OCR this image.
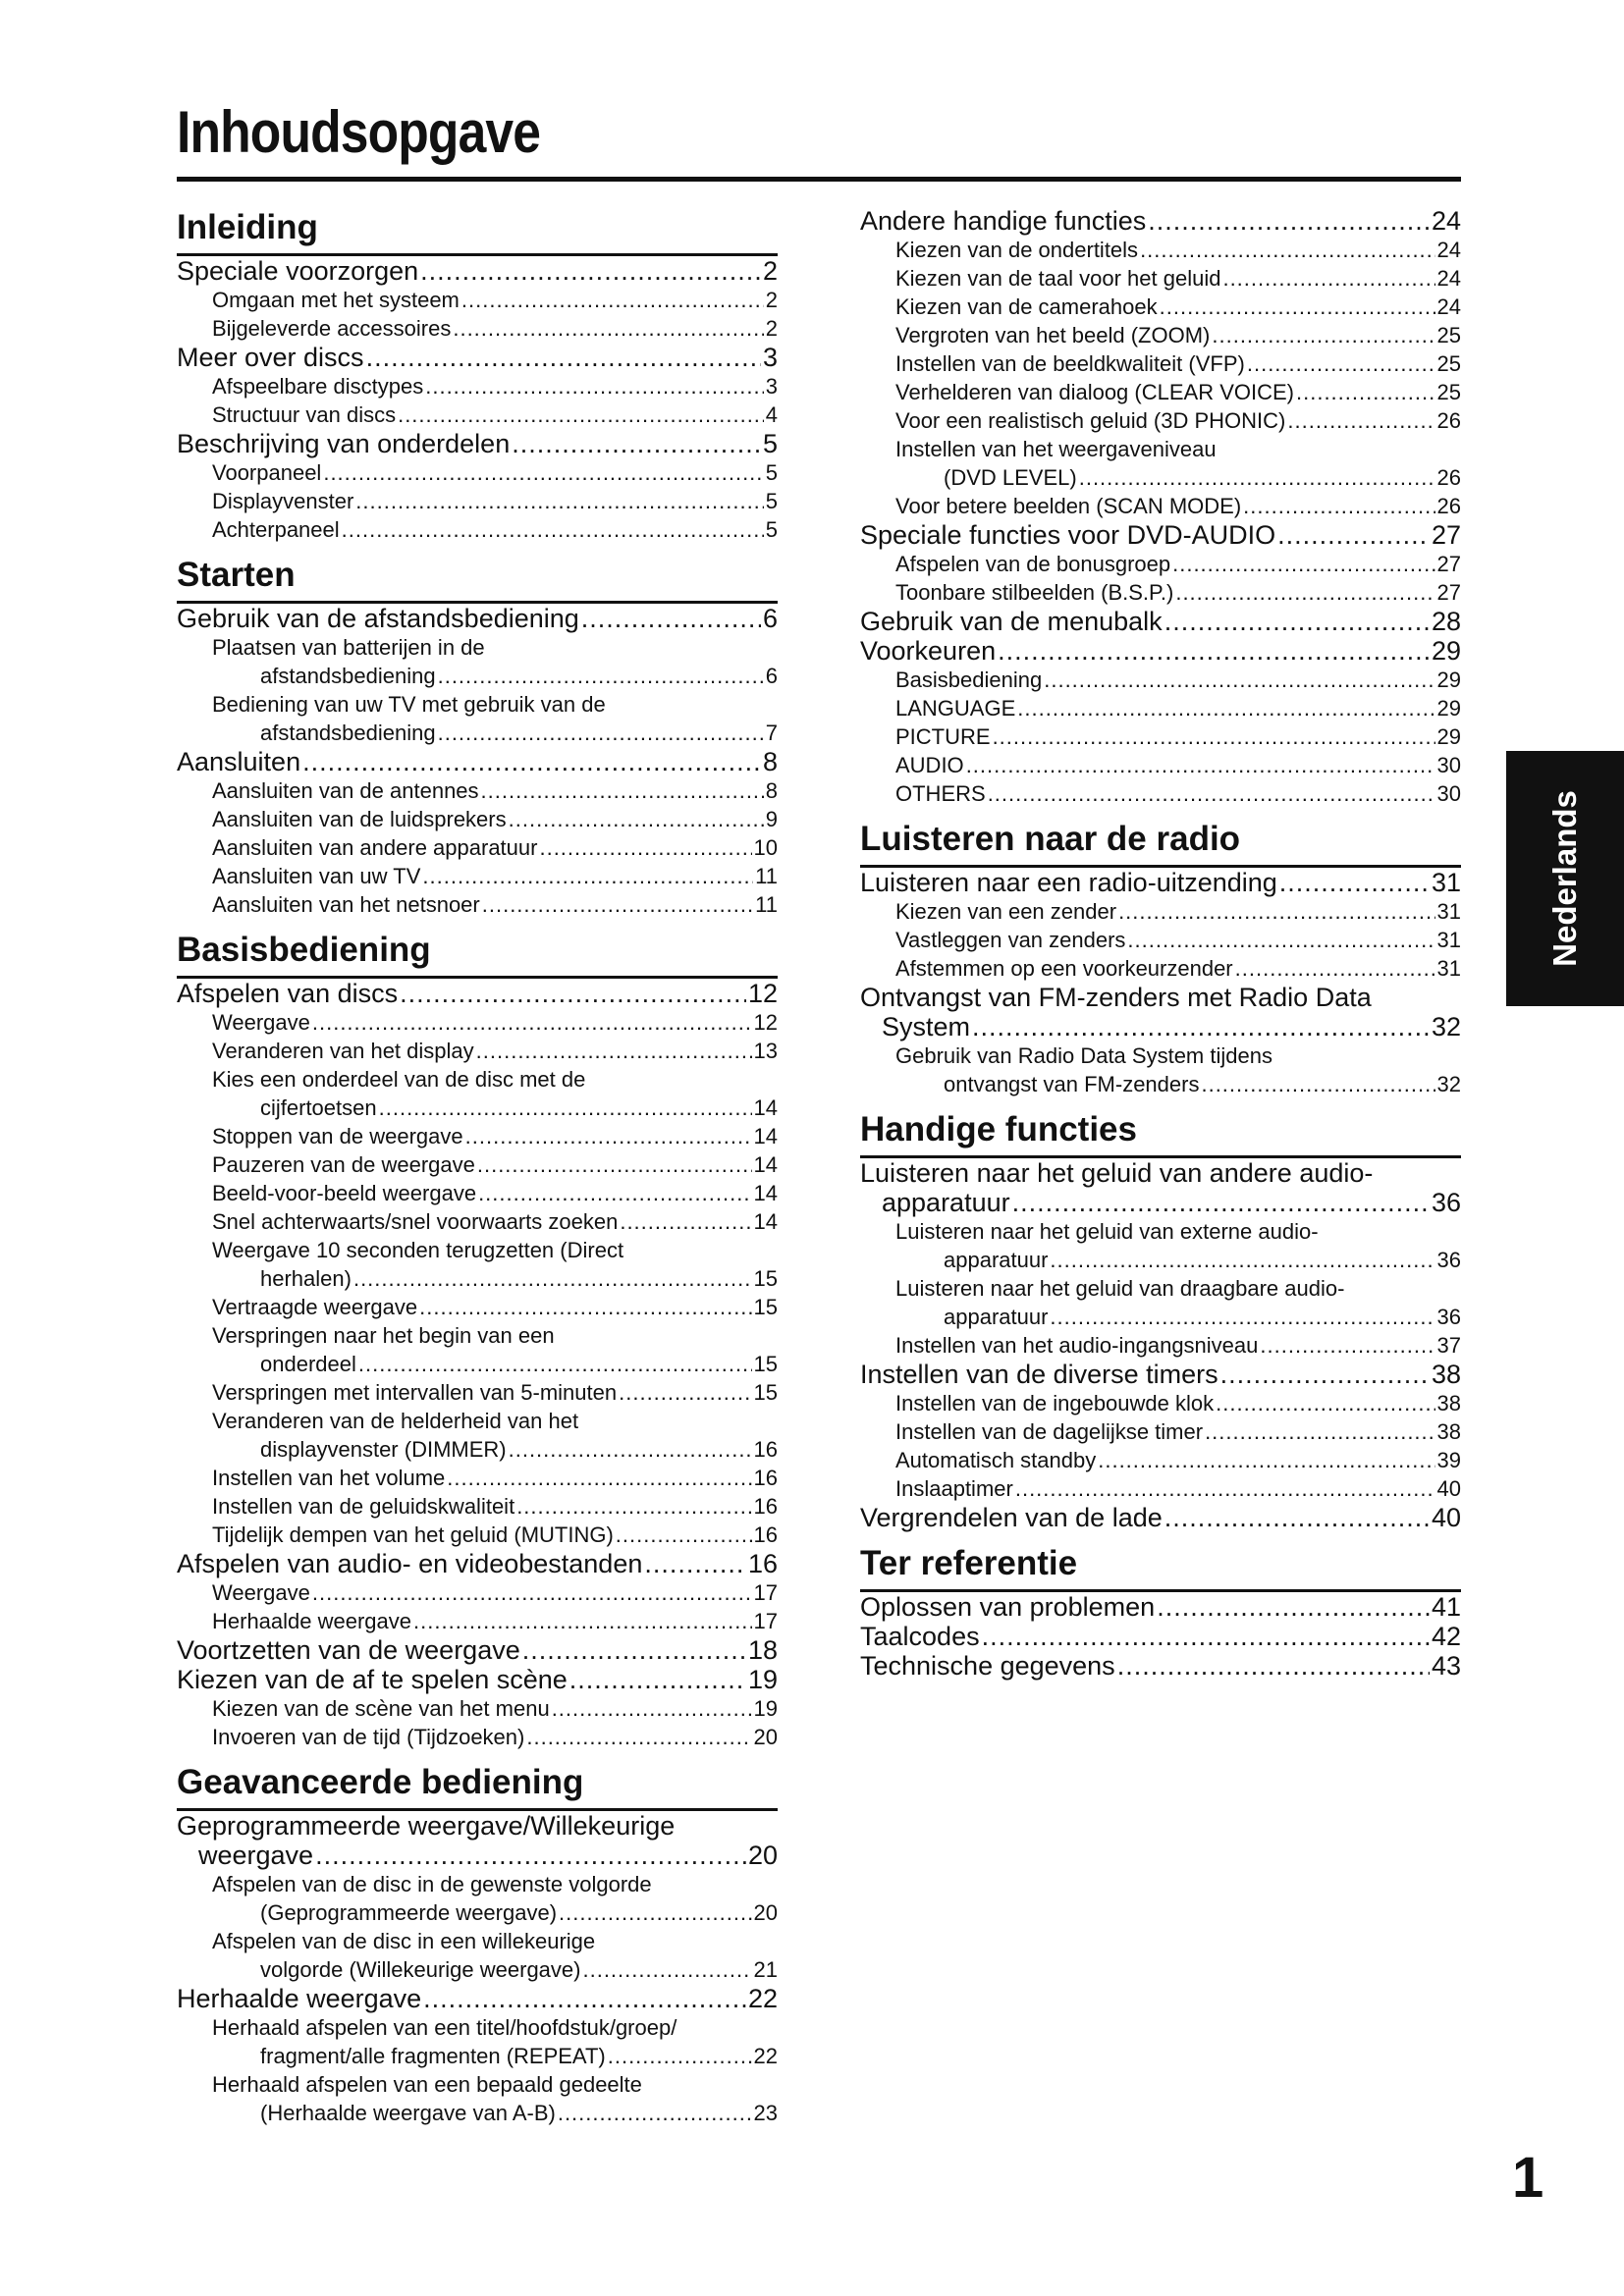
Inhoudsopgave
Inleiding
Speciale voorzorgen .....	2
Omgaan met het systeem .....	2
Bijgeleverde accessoires .....	2
Meer over discs .....	3
Afspeelbare disctypes .....	3
Structuur van discs .....	4
Beschrijving van onderdelen .....	5
Voorpaneel .....	5
Displayvenster .....	5
Achterpaneel .....	5
Starten
Gebruik van de afstandsbediening .....	6
Plaatsen van batterijen in de
afstandsbediening .....	6
Bediening van uw TV met gebruik van de
afstandsbediening .....	7
Aansluiten .....	8
Aansluiten van de antennes .....	8
Aansluiten van de luidsprekers .....	9
Aansluiten van andere apparatuur .....	10
Aansluiten van uw TV .....	11
Aansluiten van het netsnoer .....	11
Basisbediening
Afspelen van discs .....	12
Weergave .....	12
Veranderen van het display .....	13
Kies een onderdeel van de disc met de
cijfertoetsen .....	14
Stoppen van de weergave .....	14
Pauzeren van de weergave .....	14
Beeld-voor-beeld weergave .....	14
Snel achterwaarts/snel voorwaarts zoeken .....	14
Weergave 10 seconden terugzetten (Direct
herhalen) .....	15
Vertraagde weergave .....	15
Verspringen naar het begin van een
onderdeel .....	15
Verspringen met intervallen van 5-minuten .....	15
Veranderen van de helderheid van het
displayvenster (DIMMER) .....	16
Instellen van het volume .....	16
Instellen van de geluidskwaliteit .....	16
Tijdelijk dempen van het geluid (MUTING) .....	16
Afspelen van audio- en videobestanden .....	16
Weergave .....	17
Herhaalde weergave .....	17
Voortzetten van de weergave .....	18
Kiezen van de af te spelen scène .....	19
Kiezen van de scène van het menu .....	19
Invoeren van de tijd (Tijdzoeken) .....	20
Geavanceerde bediening
Geprogrammeerde weergave/Willekeurige
weergave .....	20
Afspelen van de disc in de gewenste volgorde
(Geprogrammeerde weergave) .....	20
Afspelen van de disc in een willekeurige
volgorde (Willekeurige weergave) .....	21
Herhaalde weergave .....	22
Herhaald afspelen van een titel/hoofdstuk/groep/
fragment/alle fragmenten (REPEAT) .....	22
Herhaald afspelen van een bepaald gedeelte
(Herhaalde weergave van A-B) .....	23
Andere handige functies .....	24
Kiezen van de ondertitels .....	24
Kiezen van de taal voor het geluid .....	24
Kiezen van de camerahoek .....	24
Vergroten van het beeld (ZOOM) .....	25
Instellen van de beeldkwaliteit (VFP) .....	25
Verhelderen van dialoog (CLEAR VOICE) .....	25
Voor een realistisch geluid (3D PHONIC) .....	26
Instellen van het weergaveniveau
(DVD LEVEL) .....	26
Voor betere beelden (SCAN MODE) .....	26
Speciale functies voor DVD-AUDIO .....	27
Afspelen van de bonusgroep .....	27
Toonbare stilbeelden (B.S.P.) .....	27
Gebruik van de menubalk .....	28
Voorkeuren .....	29
Basisbediening .....	29
LANGUAGE .....	29
PICTURE .....	29
AUDIO .....	30
OTHERS .....	30
Luisteren naar de radio
Luisteren naar een radio-uitzending .....	31
Kiezen van een zender .....	31
Vastleggen van zenders .....	31
Afstemmen op een voorkeurzender .....	31
Ontvangst van FM-zenders met Radio Data
System .....	32
Gebruik van Radio Data System tijdens
ontvangst van FM-zenders .....	32
Handige functies
Luisteren naar het geluid van andere audio-
apparatuur .....	36
Luisteren naar het geluid van externe audio-
apparatuur .....	36
Luisteren naar het geluid van draagbare audio-
apparatuur .....	36
Instellen van het audio-ingangsniveau .....	37
Instellen van de diverse timers .....	38
Instellen van de ingebouwde klok .....	38
Instellen van de dagelijkse timer .....	38
Automatisch standby .....	39
Inslaaptimer .....	40
Vergrendelen van de lade .....	40
Ter referentie
Oplossen van problemen .....	41
Taalcodes .....	42
Technische gegevens .....	43
Nederlands
1
